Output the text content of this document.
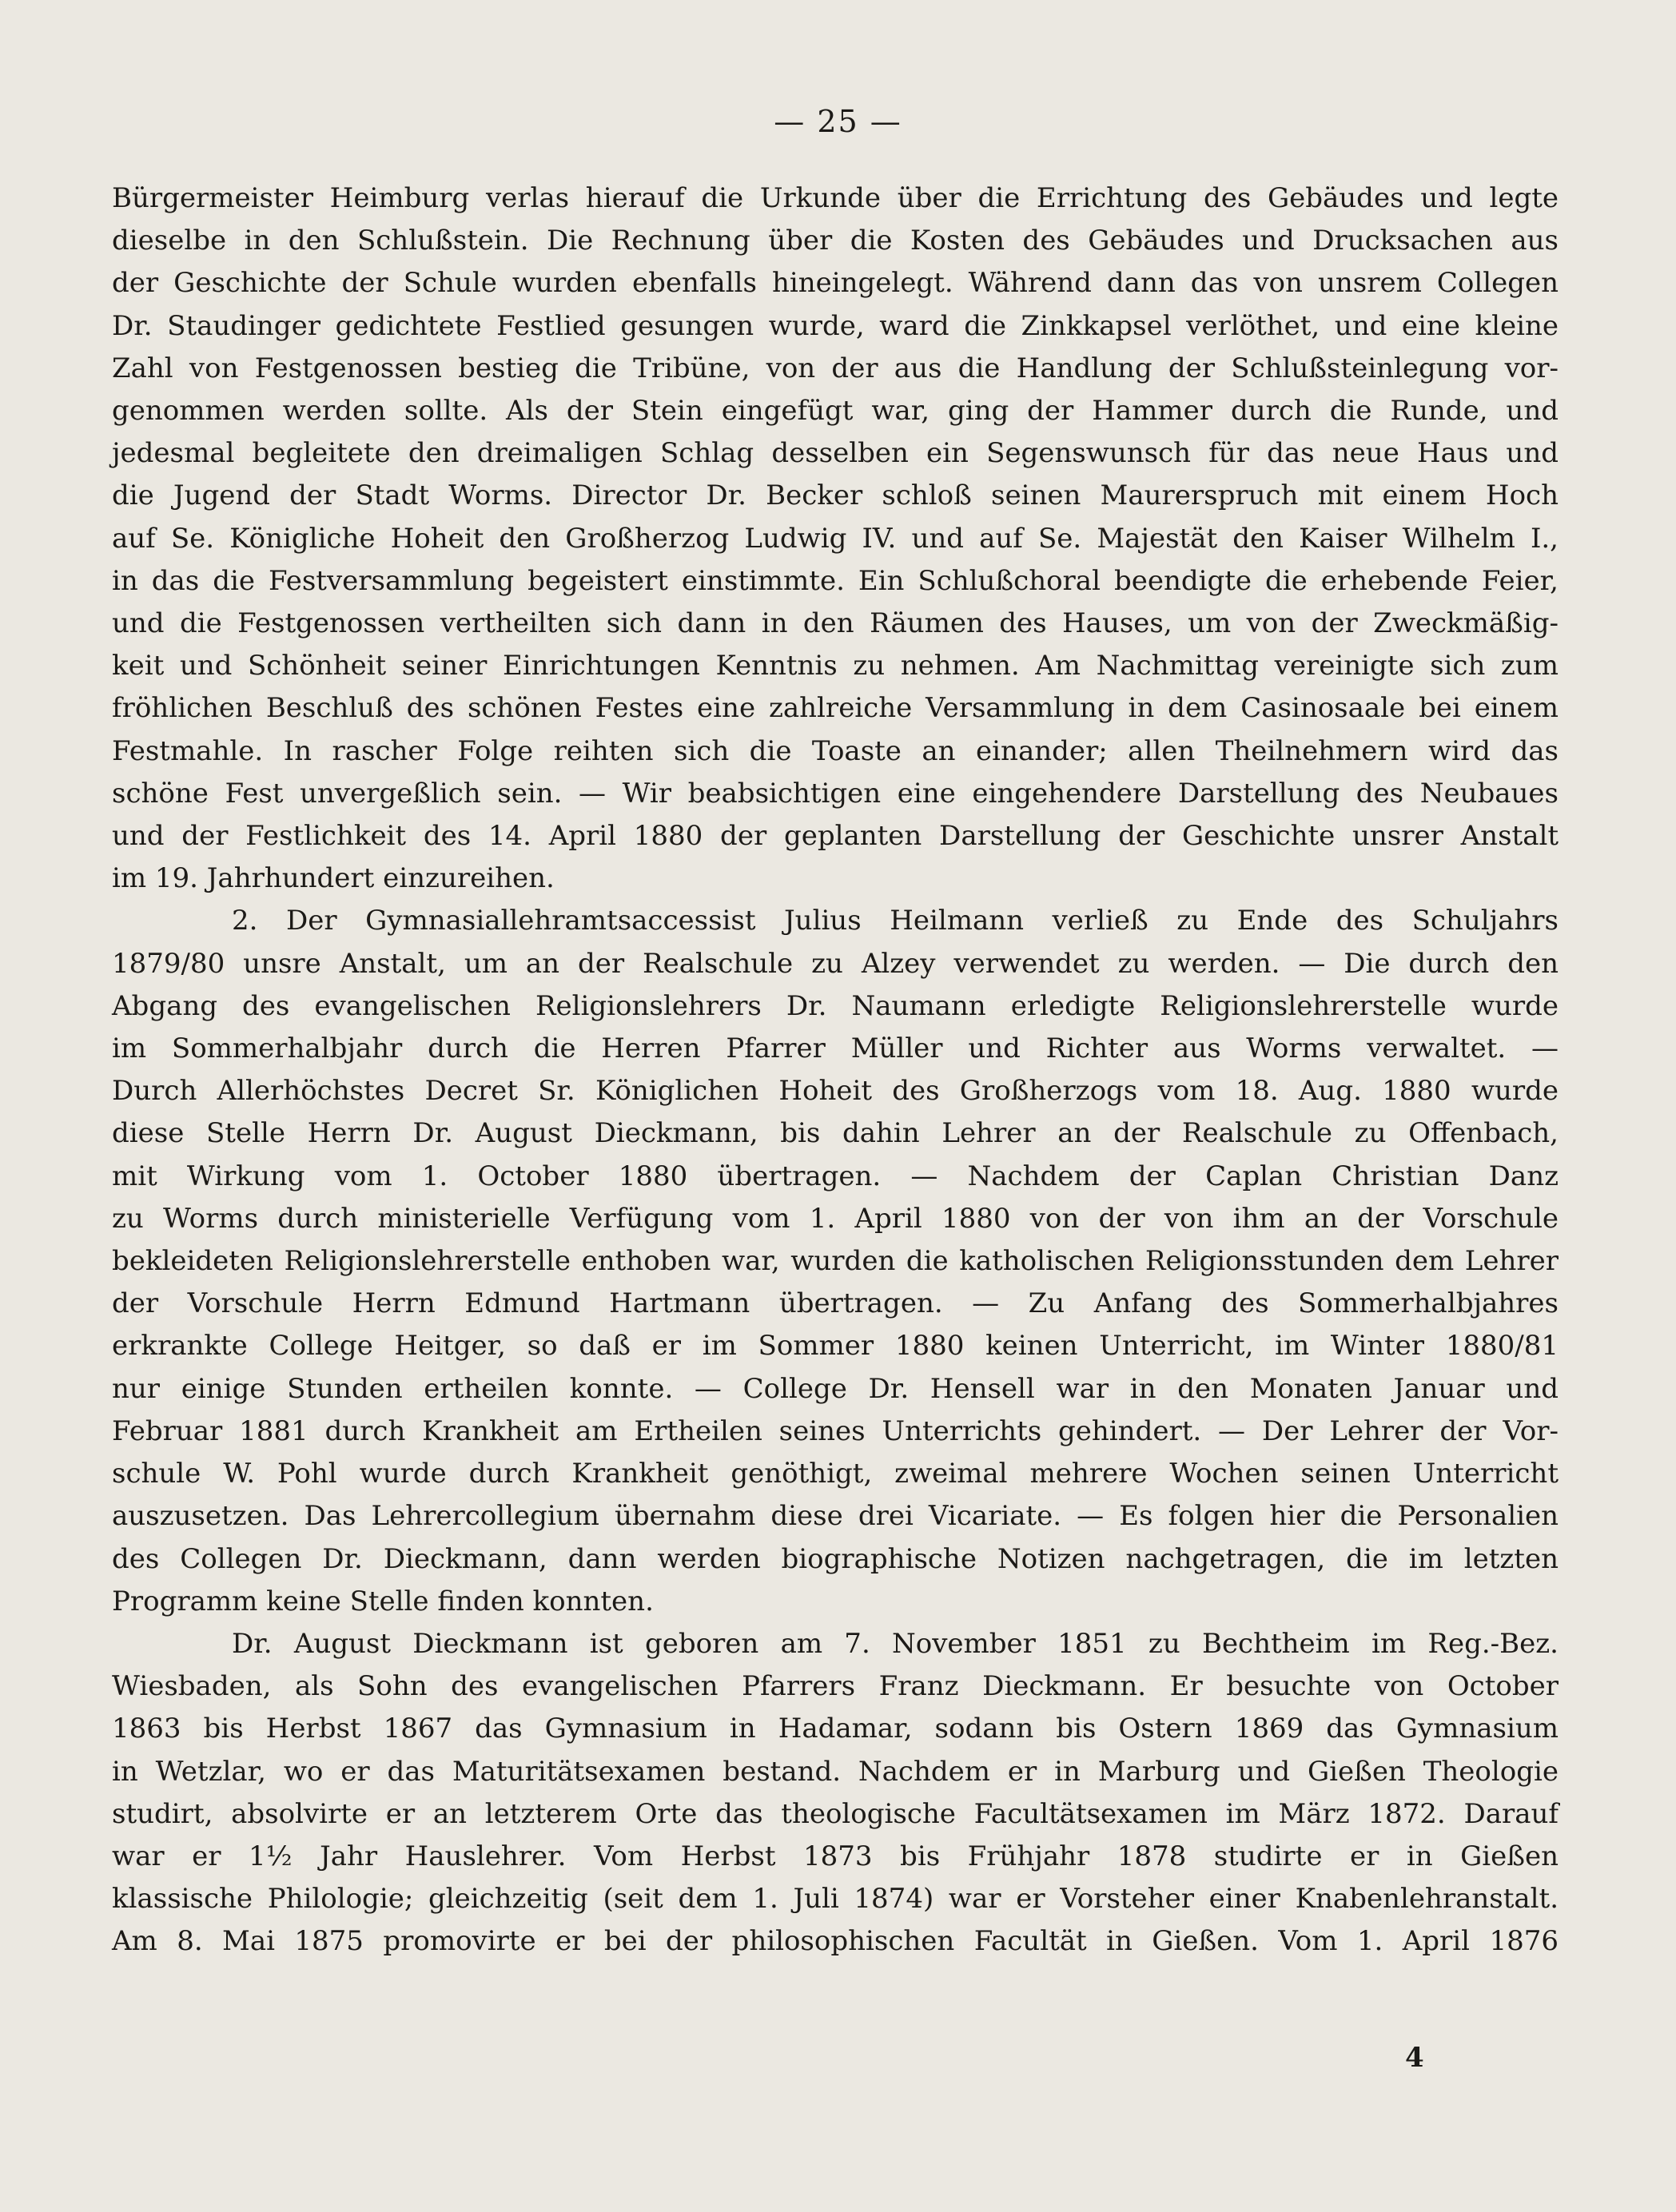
— 25 —
Bürgermeister Heimburg verlas hierauf die Urkunde über die Errichtung des Gebäudes und legte
dieselbe in den Schlußstein. Die Rechnung über die Kosten des Gebäudes und Drucksachen aus
der Geschichte der Schule wurden ebenfalls hineingelegt. Während dann das von unsrem Collegen
Dr. Staudinger gedichtete Festlied gesungen wurde, ward die Zinkkapsel verlöthet, und eine kleine
Zahl von Festgenossen bestieg die Tribüne, von der aus die Handlung der Schlußsteinlegung vor-
genommen werden sollte. Als der Stein eingefügt war, ging der Hammer durch die Runde, und
jedesmal begleitete den dreimaligen Schlag desselben ein Segenswunsch für das neue Haus und
die Jugend der Stadt Worms. Director Dr. Becker schloß seinen Maurerspruch mit einem Hoch
auf Se. Königliche Hoheit den Großherzog Ludwig IV. und auf Se. Majestät den Kaiser Wilhelm I.,
in das die Festversammlung begeistert einstimmte. Ein Schlußchoral beendigte die erhebende Feier,
und die Festgenossen vertheilten sich dann in den Räumen des Hauses, um von der Zweckmäßig-
keit und Schönheit seiner Einrichtungen Kenntnis zu nehmen. Am Nachmittag vereinigte sich zum
fröhlichen Beschluß des schönen Festes eine zahlreiche Versammlung in dem Casinosaale bei einem
Festmahle. In rascher Folge reihten sich die Toaste an einander; allen Theilnehmern wird das
schöne Fest unvergeßlich sein. — Wir beabsichtigen eine eingehendere Darstellung des Neubaues
und der Festlichkeit des 14. April 1880 der geplanten Darstellung der Geschichte unsrer Anstalt
im 19. Jahrhundert einzureihen.
2. Der Gymnasiallehramtsaccessist Julius Heilmann verließ zu Ende des Schuljahrs
1879/80 unsre Anstalt, um an der Realschule zu Alzey verwendet zu werden. — Die durch den
Abgang des evangelischen Religionslehrers Dr. Naumann erledigte Religionslehrerstelle wurde
im Sommerhalbjahr durch die Herren Pfarrer Müller und Richter aus Worms verwaltet. —
Durch Allerhöchstes Decret Sr. Königlichen Hoheit des Großherzogs vom 18. Aug. 1880 wurde
diese Stelle Herrn Dr. August Dieckmann, bis dahin Lehrer an der Realschule zu Offenbach,
mit Wirkung vom 1. October 1880 übertragen. — Nachdem der Caplan Christian Danz
zu Worms durch ministerielle Verfügung vom 1. April 1880 von der von ihm an der Vorschule
bekleideten Religionslehrerstelle enthoben war, wurden die katholischen Religionsstunden dem Lehrer
der Vorschule Herrn Edmund Hartmann übertragen. — Zu Anfang des Sommerhalbjahres
erkrankte College Heitger, so daß er im Sommer 1880 keinen Unterricht, im Winter 1880/81
nur einige Stunden ertheilen konnte. — College Dr. Hensell war in den Monaten Januar und
Februar 1881 durch Krankheit am Ertheilen seines Unterrichts gehindert. — Der Lehrer der Vor-
schule W. Pohl wurde durch Krankheit genöthigt, zweimal mehrere Wochen seinen Unterricht
auszusetzen. Das Lehrercollegium übernahm diese drei Vicariate. — Es folgen hier die Personalien
des Collegen Dr. Dieckmann, dann werden biographische Notizen nachgetragen, die im letzten
Programm keine Stelle finden konnten.
Dr. August Dieckmann ist geboren am 7. November 1851 zu Bechtheim im Reg.-Bez.
Wiesbaden, als Sohn des evangelischen Pfarrers Franz Dieckmann. Er besuchte von October
1863 bis Herbst 1867 das Gymnasium in Hadamar, sodann bis Ostern 1869 das Gymnasium
in Wetzlar, wo er das Maturitätsexamen bestand. Nachdem er in Marburg und Gießen Theologie
studirt, absolvirte er an letzterem Orte das theologische Facultätsexamen im März 1872. Darauf
war er 1½ Jahr Hauslehrer. Vom Herbst 1873 bis Frühjahr 1878 studirte er in Gießen
klassische Philologie; gleichzeitig (seit dem 1. Juli 1874) war er Vorsteher einer Knabenlehranstalt.
Am 8. Mai 1875 promovirte er bei der philosophischen Facultät in Gießen. Vom 1. April 1876
4
